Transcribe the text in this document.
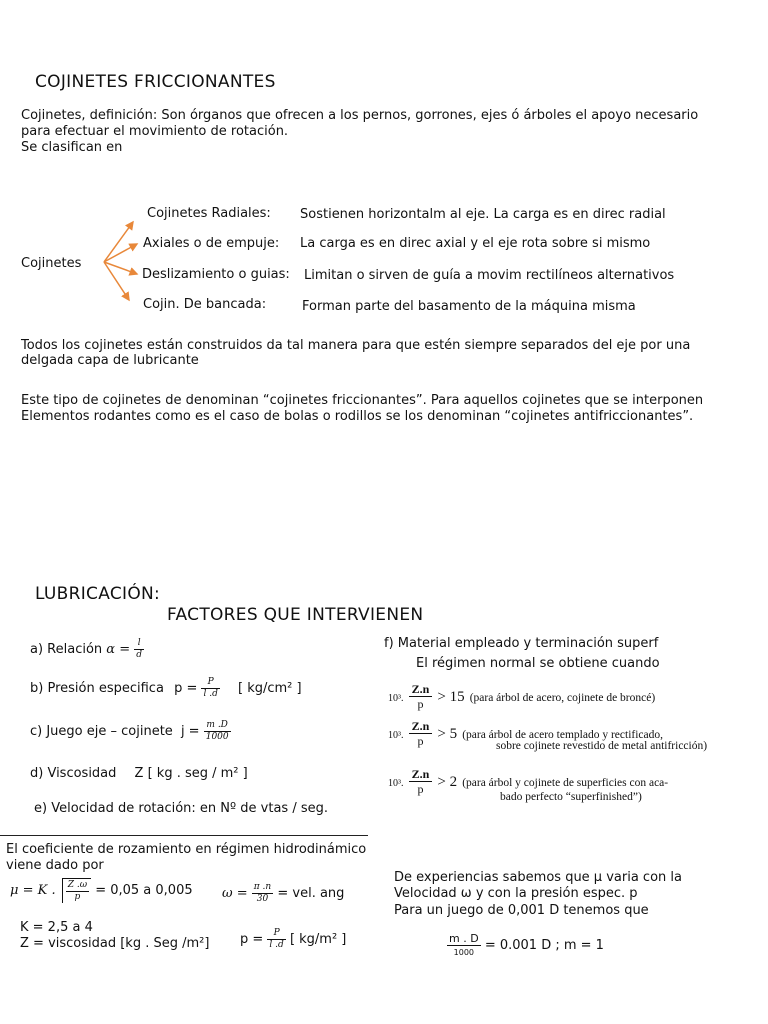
COJINETES FRICCIONANTES
Cojinetes, definición: Son órganos que ofrecen a los pernos, gorrones, ejes ó árboles el apoyo necesario
para efectuar el movimiento de rotación.
Se clasifican en
Cojinetes
Cojinetes Radiales: Sostienen horizontalm al eje. La carga es en direc radial
Axiales o de empuje: La carga es en direc axial y el eje rota sobre si mismo
Deslizamiento o guias: Limitan o sirven de guía a movim rectilíneos alternativos
Cojin. De bancada:	Forman parte del basamento de la máquina misma
Todos los cojinetes están construidos da tal manera para que estén siempre separados del eje por una
delgada capa de lubricante
Este tipo de cojinetes de denominan “cojinetes friccionantes”. Para aquellos cojinetes que se interponen
Elementos rodantes como es el caso de bolas o rodillos se los denominan “cojinetes antifriccionantes”.
LUBRICACIÓN:
FACTORES QUE INTERVIENEN
a) Relación $\alpha = \frac{l}{d}$
b) Presión especifica $p = \frac{P}{l .d}$ [ kg/cm² ]
c) Juego eje – cojinete $j = \frac{m .D}{1000}$
d) Viscosidad Z [ kg . seg / m² ]
e) Velocidad de rotación: en Nº de vtas / seg.
f) Material empleado y terminación superf
El régimen normal se obtiene cuando
10³. $\frac{Z.n}{p} > 15$ (para árbol de acero, cojinete de broncé)
10³. $\frac{Z.n}{p} > 5$ (para árbol de acero templado y rectificado,
sobre cojinete revestido de metal antifricción)
10³. $\frac{Z.n}{p} > 2$ (para árbol y cojinete de superficies con aca-
bado perfecto “superfinished”)
El coeficiente de rozamiento en régimen hidrodinámico
viene dado por
μ = K . $\frac{Z .\omega}{p} = 0,05$ a 0,005 $\omega = \frac{\pi .n}{30}$ = vel. ang
K = 2,5 a 4
Z = viscosidad [kg . Seg /m²] $p = \frac{P}{l .d}$ [ kg/m² ]
De experiencias sabemos que μ varia con la
Velocidad ω y con la presión espec. p
Para un juego de 0,001 D tenemos que
$\frac{m . D}{1000} = 0.001$ D ; m = 1
